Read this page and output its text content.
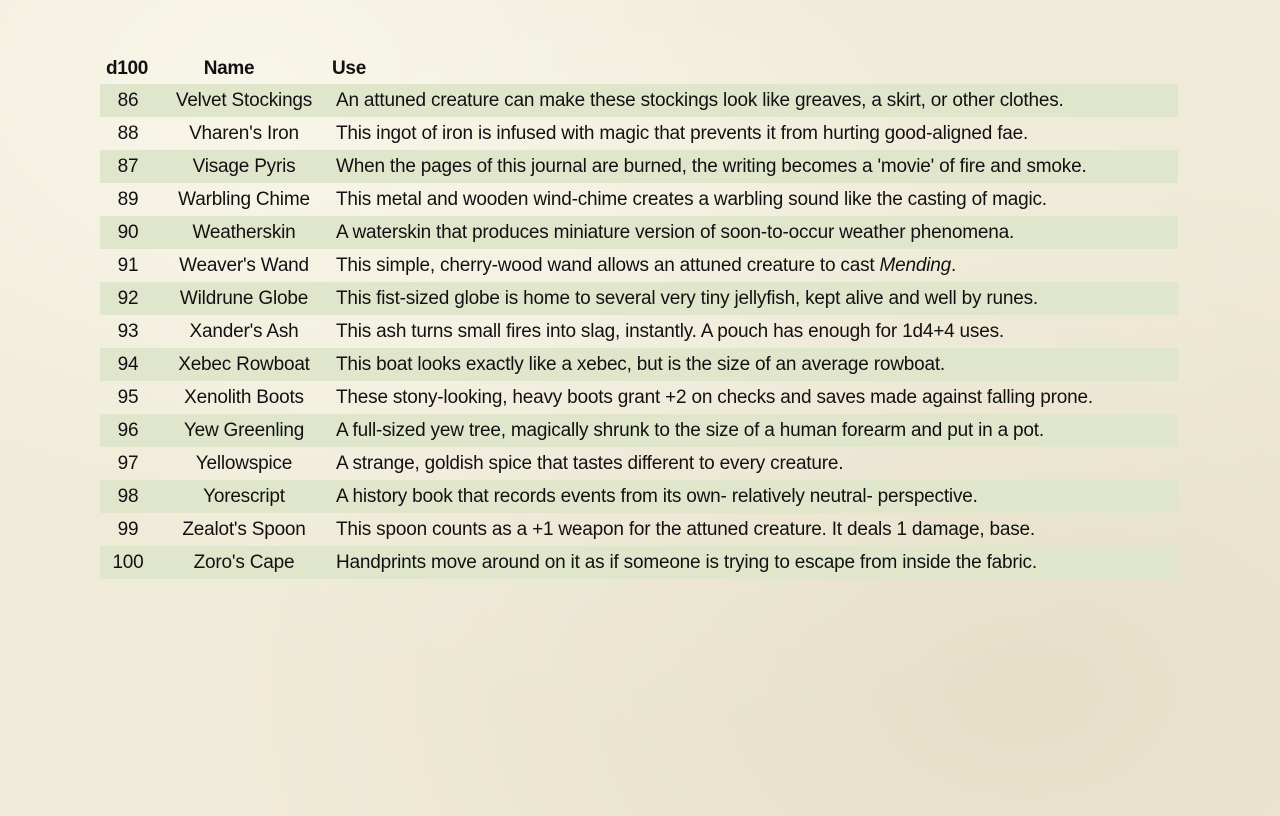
d100	Name	Use
86	Velvet Stockings	An attuned creature can make these stockings look like greaves, a skirt, or other clothes.
88	Vharen's Iron	This ingot of iron is infused with magic that prevents it from hurting good-aligned fae.
87	Visage Pyris	When the pages of this journal are burned, the writing becomes a 'movie' of fire and smoke.
89	Warbling Chime	This metal and wooden wind-chime creates a warbling sound like the casting of magic.
90	Weatherskin	A waterskin that produces miniature version of soon-to-occur weather phenomena.
91	Weaver's Wand	This simple, cherry-wood wand allows an attuned creature to cast Mending.
92	Wildrune Globe	This fist-sized globe is home to several very tiny jellyfish, kept alive and well by runes.
93	Xander's Ash	This ash turns small fires into slag, instantly. A pouch has enough for 1d4+4 uses.
94	Xebec Rowboat	This boat looks exactly like a xebec, but is the size of an average rowboat.
95	Xenolith Boots	These stony-looking, heavy boots grant +2 on checks and saves made against falling prone.
96	Yew Greenling	A full-sized yew tree, magically shrunk to the size of a human forearm and put in a pot.
97	Yellowspice	A strange, goldish spice that tastes different to every creature.
98	Yorescript	A history book that records events from its own- relatively neutral- perspective.
99	Zealot's Spoon	This spoon counts as a +1 weapon for the attuned creature. It deals 1 damage, base.
100	Zoro's Cape	Handprints move around on it as if someone is trying to escape from inside the fabric.
